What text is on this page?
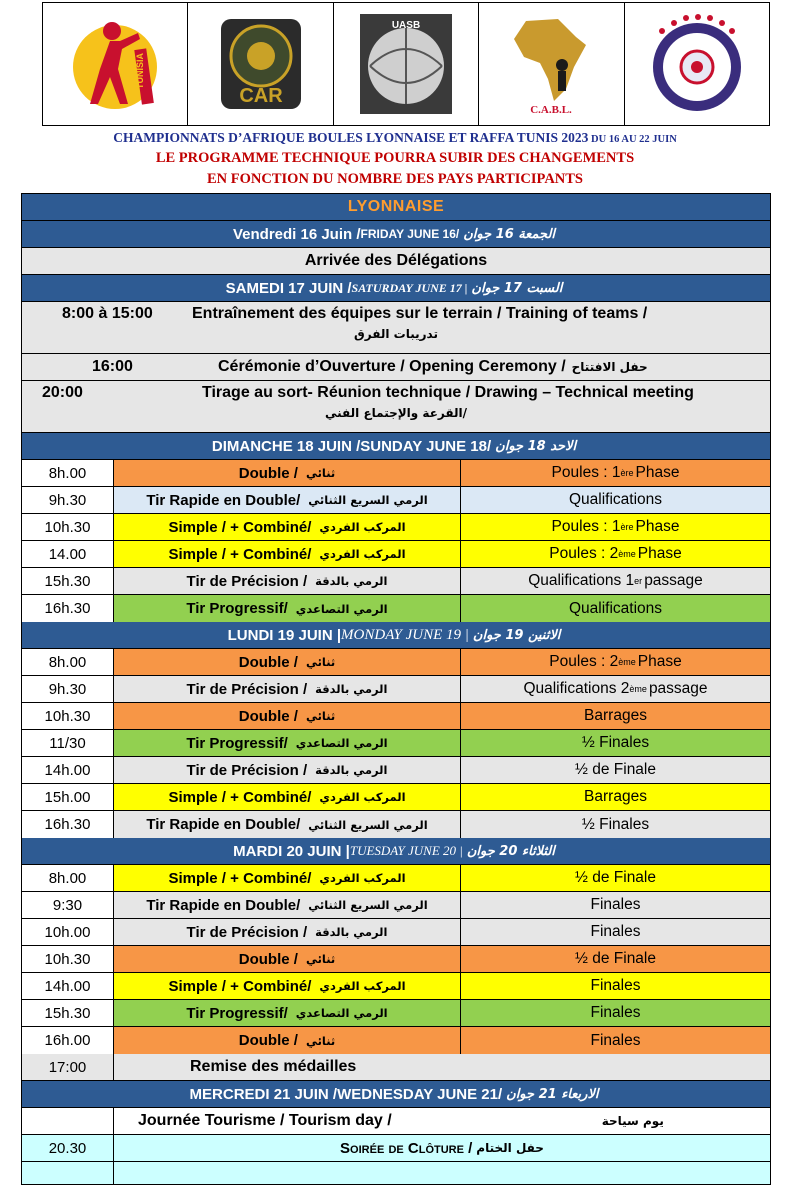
TUNISIA
CAR
UASB
C.A.B.L.
CHAMPIONNATS D’AFRIQUE BOULES LYONNAISE ET RAFFA TUNIS 2023 DU 16 AU 22 JUIN
LE PROGRAMME TECHNIQUE POURRA SUBIR DES CHANGEMENTS
EN FONCTION DU NOMBRE DES PAYS PARTICIPANTS
LYONNAISE
Vendredi 16 Juin / FRIDAY JUNE 16/ الجمعة 16 جوان
Arrivée des Délégations
SAMEDI 17 JUIN / SATURDAY JUNE 17 | السبت 17 جوان
8:00 à 15:00	Entraînement des équipes sur le terrain / Training of teams /
تدريبات الفرق
16:00	Cérémonie d’Ouverture / Opening Ceremony / حفل الافتتاح
20:00	Tirage au sort- Réunion technique / Drawing – Technical meeting
القرعة والإجتماع الفني/
DIMANCHE 18 JUIN / SUNDAY JUNE 18/ الاحد 18 جوان
8h.00	Double / ثنائي	Poules : 1 ère Phase
9h.30	Tir Rapide en Double/ الرمي السريع الثنائي	Qualifications
10h.30	Simple / + Combiné/ المركب الفردي	Poules : 1 ère Phase
14.00	Simple / + Combiné/ المركب الفردي	Poules : 2 ème Phase
15h.30	Tir de Précision / الرمي بالدقة	Qualifications 1 er passage
16h.30	Tir Progressif/ الرمي التصاعدي	Qualifications
LUNDI 19 JUIN | MONDAY JUNE 19 | الاثنين 19 جوان
8h.00	Double / ثنائي	Poules : 2 ème Phase
9h.30	Tir de Précision / الرمي بالدقة	Qualifications 2 ème passage
10h.30	Double / ثنائي	Barrages
11/30	Tir Progressif/ الرمي التصاعدي	½ Finales
14h.00	Tir de Précision / الرمي بالدقة	½ de Finale
15h.00	Simple / + Combiné/ المركب الفردي	Barrages
16h.30	Tir Rapide en Double/ الرمي السريع الثنائي	½ Finales
MARDI 20 JUIN | TUESDAY JUNE 20 | الثلاثاء 20 جوان
8h.00	Simple / + Combiné/ المركب الفردي	½ de Finale
9:30	Tir Rapide en Double/ الرمي السريع الثنائي	Finales
10h.00	Tir de Précision / الرمي بالدقة	Finales
10h.30	Double / ثنائي	½ de Finale
14h.00	Simple / + Combiné/ المركب الفردي	Finales
15h.30	Tir Progressif/ الرمي التصاعدي	Finales
16h.00	Double / ثنائي	Finales
17:00	Remise des médailles
MERCREDI 21 JUIN / WEDNESDAY JUNE 21/ الاربعاء 21 جوان
Journée Tourisme / Tourism day /	يوم سياحة
20.30	Soirée de Clôture / حفل الختام
